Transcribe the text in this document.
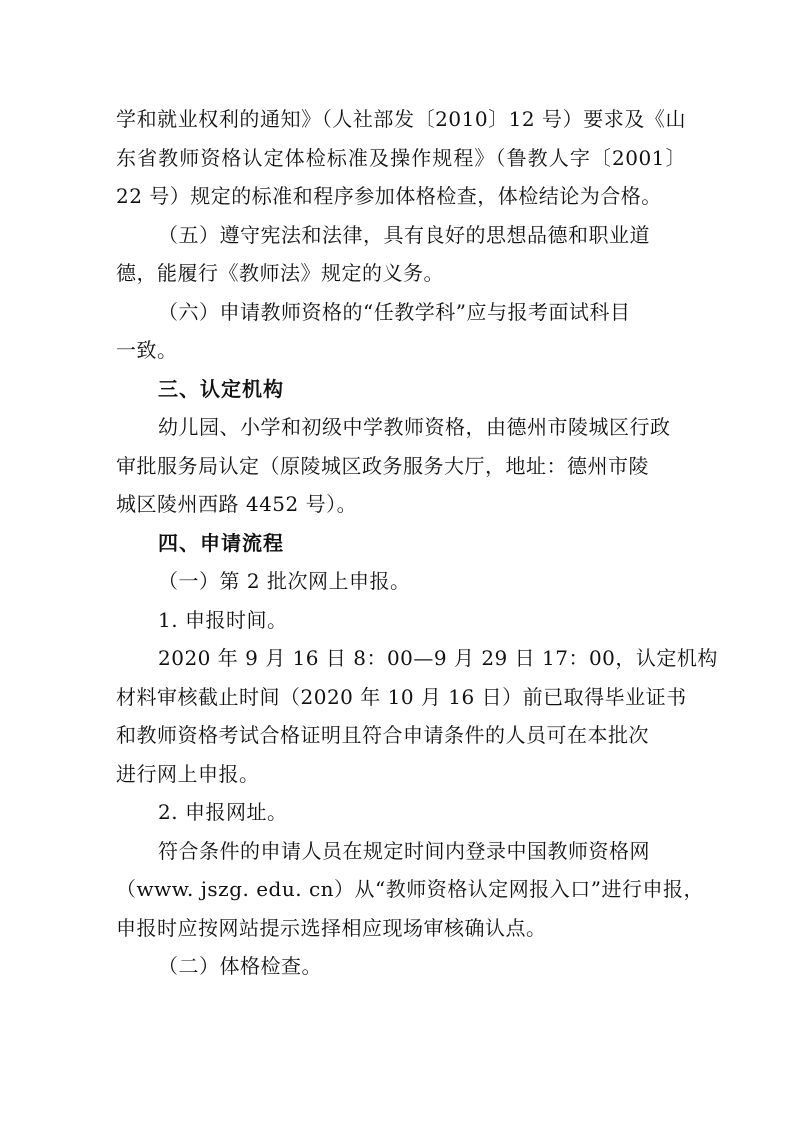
学和就业权利的通知》（人社部发〔2010〕12 号）要求及《山
东省教师资格认定体检标准及操作规程》（鲁教人字〔2001〕
22 号）规定的标准和程序参加体格检查，体检结论为合格。
（五）遵守宪法和法律，具有良好的思想品德和职业道
德，能履行《教师法》规定的义务。
（六）申请教师资格的“任教学科”应与报考面试科目
一致。
三、认定机构
幼儿园、小学和初级中学教师资格，由德州市陵城区行政
审批服务局认定（原陵城区政务服务大厅，地址：德州市陵
城区陵州西路 4452 号）。
四、申请流程
（一）第 2 批次网上申报。
1. 申报时间。
2020 年 9 月 16 日 8：00—9 月 29 日 17：00，认定机构
材料审核截止时间（2020 年 10 月 16 日）前已取得毕业证书
和教师资格考试合格证明且符合申请条件的人员可在本批次
进行网上申报。
2. 申报网址。
符合条件的申请人员在规定时间内登录中国教师资格网
（www. jszg. edu. cn）从“教师资格认定网报入口”进行申报，
申报时应按网站提示选择相应现场审核确认点。
（二）体格检查。
